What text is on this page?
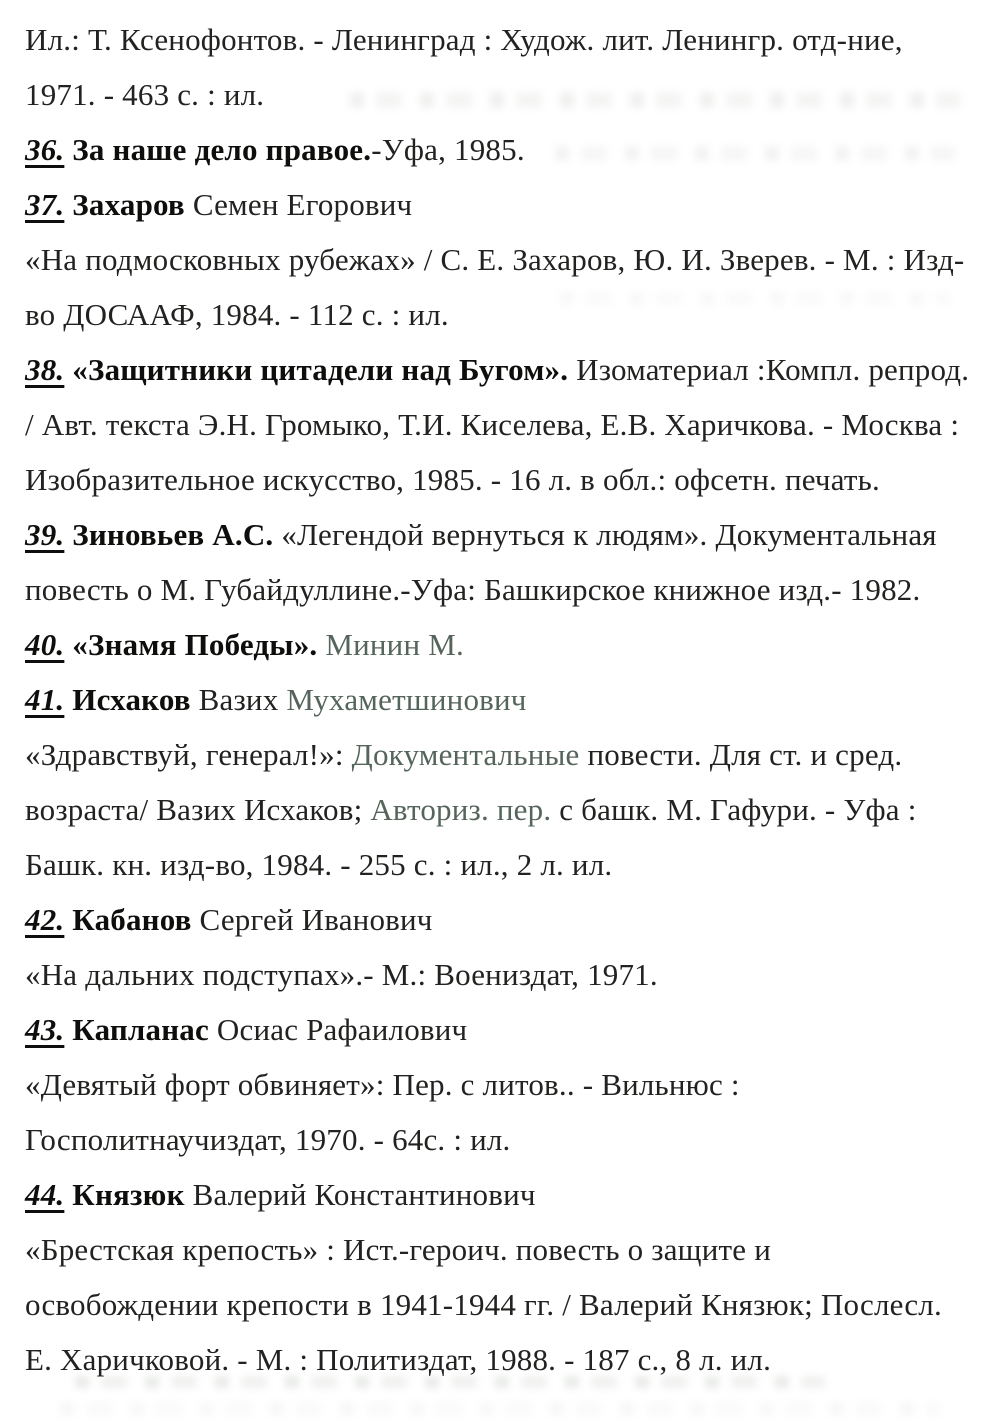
Ил.: Т. Ксенофонтов. - Ленинград : Худож. лит. Ленингр. отд-ние,

1971. - 463 с. : ил.

36. За наше дело правое.-Уфа, 1985.

37. Захаров Семен Егорович

«На подмосковных рубежах» / С. Е. Захаров, Ю. И. Зверев. - М. : Изд-

во ДОСААФ, 1984. - 112 с. : ил.

38. «Защитники цитадели над Бугом». Изоматериал :Компл. репрод.

/ Авт. текста Э.Н. Громыко, Т.И. Киселева, Е.В. Харичкова. - Москва :

Изобразительное искусство, 1985. - 16 л. в обл.: офсетн. печать.

39. Зиновьев А.С. «Легендой вернуться к людям». Документальная

повесть о М. Губайдуллине.-Уфа: Башкирское книжное изд.- 1982.

40. «Знамя Победы». Минин М.

41. Исхаков Вазих Мухаметшинович

«Здравствуй, генерал!»: Документальные повести. Для ст. и сред.

возраста/ Вазих Исхаков; Авториз. пер. с башк. М. Гафури. - Уфа :

Башк. кн. изд-во, 1984. - 255 с. : ил., 2 л. ил.

42. Кабанов Сергей Иванович

«На дальних подступах».- М.: Воениздат, 1971.

43. Капланас Осиас Рафаилович

«Девятый форт обвиняет»: Пер. с литов.. - Вильнюс :

Госполитнаучиздат, 1970. - 64с. : ил.

44. Князюк Валерий Константинович

«Брестская крепость» : Ист.-героич. повесть о защите и

освобождении крепости в 1941-1944 гг. / Валерий Князюк; Послесл.

Е. Харичковой. - М. : Политиздат, 1988. - 187 с., 8 л. ил.
